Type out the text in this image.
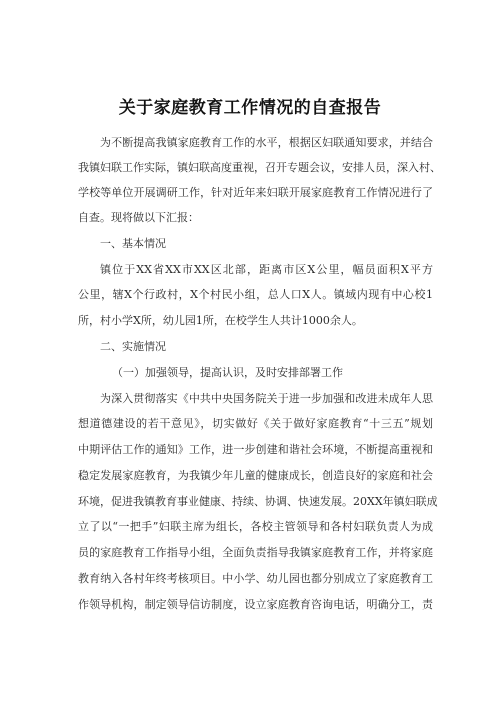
关于家庭教育工作情况的自查报告
为不断提高我镇家庭教育工作的水平，根据区妇联通知要求，并结合
我镇妇联工作实际，镇妇联高度重视，召开专题会议，安排人员，深入村、
学校等单位开展调研工作，针对近年来妇联开展家庭教育工作情况进行了
自查。现将做以下汇报：
一、基本情况
镇位于XX省XX市XX区北部，距离市区X公里，幅员面积X平方
公里，辖X个行政村，X个村民小组，总人口X人。镇域内现有中心校1
所，村小学X所，幼儿园1所，在校学生人共计1000余人。
二、实施情况
（一）加强领导，提高认识，及时安排部署工作
为深入贯彻落实《中共中央国务院关于进一步加强和改进未成年人思
想道德建设的若干意见》，切实做好《关于做好家庭教育“十三五”规划
中期评估工作的通知》工作，进一步创建和谐社会环境，不断提高重视和
稳定发展家庭教育，为我镇少年儿童的健康成长，创造良好的家庭和社会
环境，促进我镇教育事业健康、持续、协调、快速发展。20XX年镇妇联成
立了以“一把手”妇联主席为组长，各校主管领导和各村妇联负责人为成
员的家庭教育工作指导小组，全面负责指导我镇家庭教育工作，并将家庭
教育纳入各村年终考核项目。中小学、幼儿园也都分别成立了家庭教育工
作领导机构，制定领导信访制度，设立家庭教育咨询电话，明确分工，责
